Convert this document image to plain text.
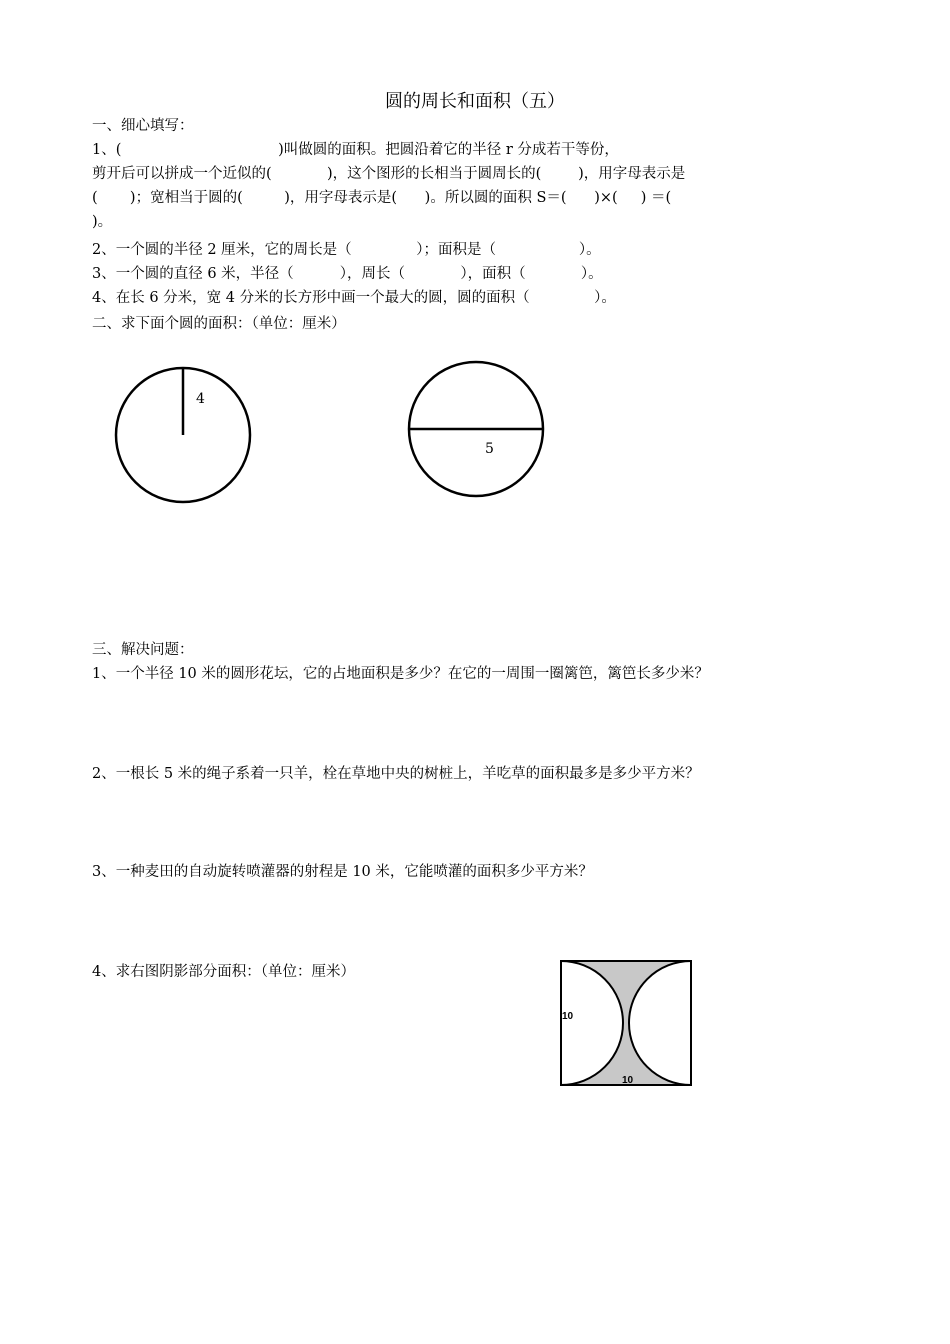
圆的周长和面积（五）
一、细心填写：
1、(                                  )叫做圆的面积。把圆沿着它的半径 r 分成若干等份，
剪开后可以拼成一个近似的(            )，这个图形的长相当于圆周长的(        )，用字母表示是
(       )；宽相当于圆的(         )，用字母表示是(      )。所以圆的面积 S＝(      )×(     ) ＝(
)。
2、一个圆的半径 2 厘米，它的周长是（              ）；面积是（                  ）。
3、一个圆的直径 6 米，半径（          ），周长（            ），面积（            ）。
4、在长 6 分米，宽 4 分米的长方形中画一个最大的圆，圆的面积（              ）。
二、求下面个圆的面积：（单位：厘米）
4
5
三、解决问题：
1、一个半径 10 米的圆形花坛，它的占地面积是多少？在它的一周围一圈篱笆，篱笆长多少米？
2、一根长 5 米的绳子系着一只羊，栓在草地中央的树桩上，羊吃草的面积最多是多少平方米？
3、一种麦田的自动旋转喷灌器的射程是 10 米，它能喷灌的面积多少平方米？
4、求右图阴影部分面积：（单位：厘米）
10
10
